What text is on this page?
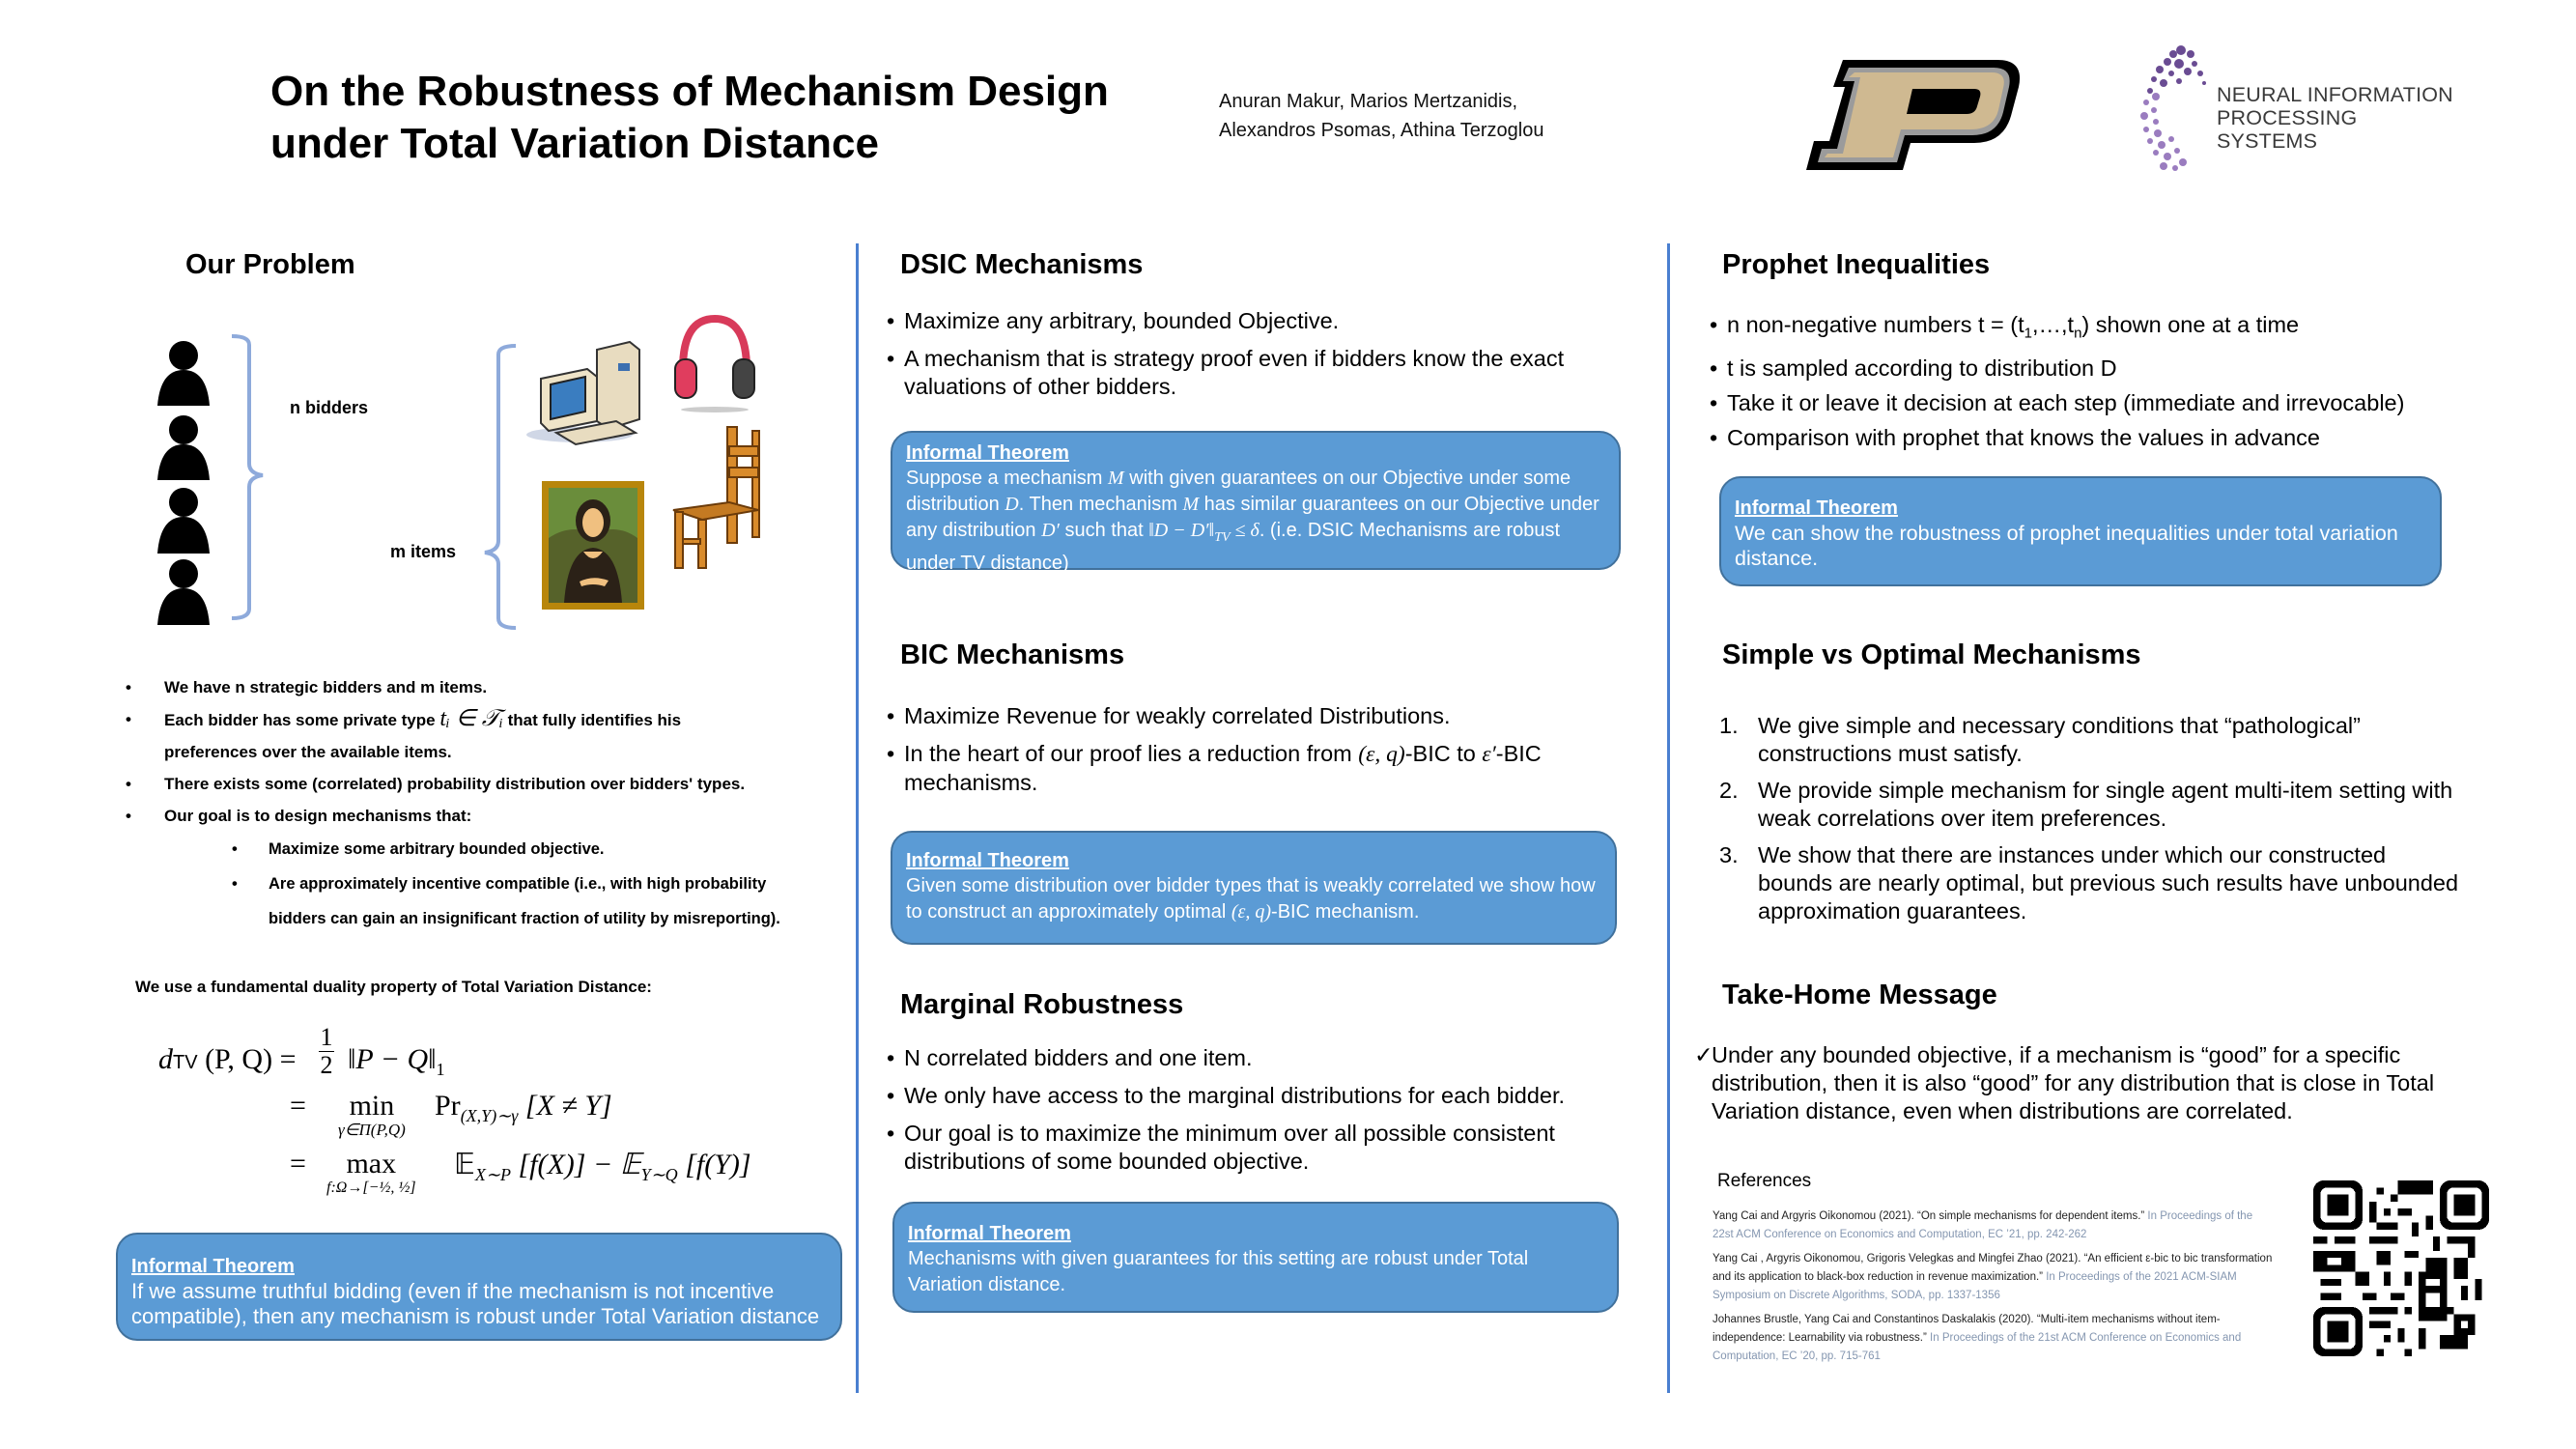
On the Robustness of Mechanism Design
under Total Variation Distance
Anuran Makur, Marios Mertzanidis,
Alexandros Psomas, Athina Terzoglou
NEURAL INFORMATION
PROCESSING SYSTEMS
Our Problem
n bidders
m items
• We have n strategic bidders and m items.
• Each bidder has some private type tᵢ ∈ 𝒯ᵢ that fully identifies his
preferences over the available items.
• There exists some (correlated) probability distribution over bidders' types.
• Our goal is to design mechanisms that:
• Maximize some arbitrary bounded objective.
• Are approximately incentive compatible (i.e., with high probability
bidders can gain an insignificant fraction of utility by misreporting).
We use a fundamental duality property of Total Variation Distance:
dTV (P, Q) =
1
2 ‖P − $Q‖_1$
=	min
γ∈Π(P,Q)
$Pr_{(X,Y)\sim\gamma}$ [X ≠ Y]
=	max
f:Ω→[−½, ½]
𝔼$_{X\sim P}$ [f(X)] − 𝔼$_{Y\sim Q}$ [f(Y)]
Informal Theorem
If we assume truthful bidding (even if the mechanism is not incentive compatible), then any mechanism is robust under Total Variation distance
DSIC Mechanisms
• Maximize any arbitrary, bounded Objective.
• A mechanism that is strategy proof even if bidders know the exact valuations of other bidders.
Informal Theorem
Suppose a mechanism M with given guarantees on our Objective under some distribution D. Then mechanism M has similar guarantees on our Objective under any distribution D′ such that ‖D − $D'‖_{TV} \le \delta$. (i.e. DSIC Mechanisms are robust under TV distance)
BIC Mechanisms
• Maximize Revenue for weakly correlated Distributions.
• In the heart of our proof lies a reduction from (ε, q)-BIC to ε′-BIC mechanisms.
Informal Theorem
Given some distribution over bidder types that is weakly correlated we show how to construct an approximately optimal (ε, q)-BIC mechanism.
Marginal Robustness
• N correlated bidders and one item.
• We only have access to the marginal distributions for each bidder.
• Our goal is to maximize the minimum over all possible consistent distributions of some bounded objective.
Informal Theorem
Mechanisms with given guarantees for this setting are robust under Total Variation distance.
Prophet Inequalities
• n non-negative numbers $t = (t_1,\dots,t_n)$ shown one at a time
• t is sampled according to distribution D
• Take it or leave it decision at each step (immediate and irrevocable)
• Comparison with prophet that knows the values in advance
Informal Theorem
We can show the robustness of prophet inequalities under total variation distance.
Simple vs Optimal Mechanisms
1. We give simple and necessary conditions that “pathological” constructions must satisfy.
2. We provide simple mechanism for single agent multi-item setting with weak correlations over item preferences.
3. We show that there are instances under which our constructed bounds are nearly optimal, but previous such results have unbounded approximation guarantees.
Take-Home Message
✓
Under any bounded objective, if a mechanism is “good” for a specific distribution, then it is also “good” for any distribution that is close in Total Variation distance, even when distributions are correlated.
References
Yang Cai and Argyris Oikonomou (2021). “On simple mechanisms for dependent items.” In Proceedings of the 22st ACM Conference on Economics and Computation, EC ’21, pp. 242-262
Yang Cai , Argyris Oikonomou, Grigoris Velegkas and Mingfei Zhao (2021). “An efficient ε-bic to bic transformation and its application to black-box reduction in revenue maximization.” In Proceedings of the 2021 ACM-SIAM Symposium on Discrete Algorithms, SODA, pp. 1337-1356
Johannes Brustle, Yang Cai and Constantinos Daskalakis (2020). “Multi-item mechanisms without item-independence: Learnability via robustness.” In Proceedings of the 21st ACM Conference on Economics and Computation, EC ’20, pp. 715-761
